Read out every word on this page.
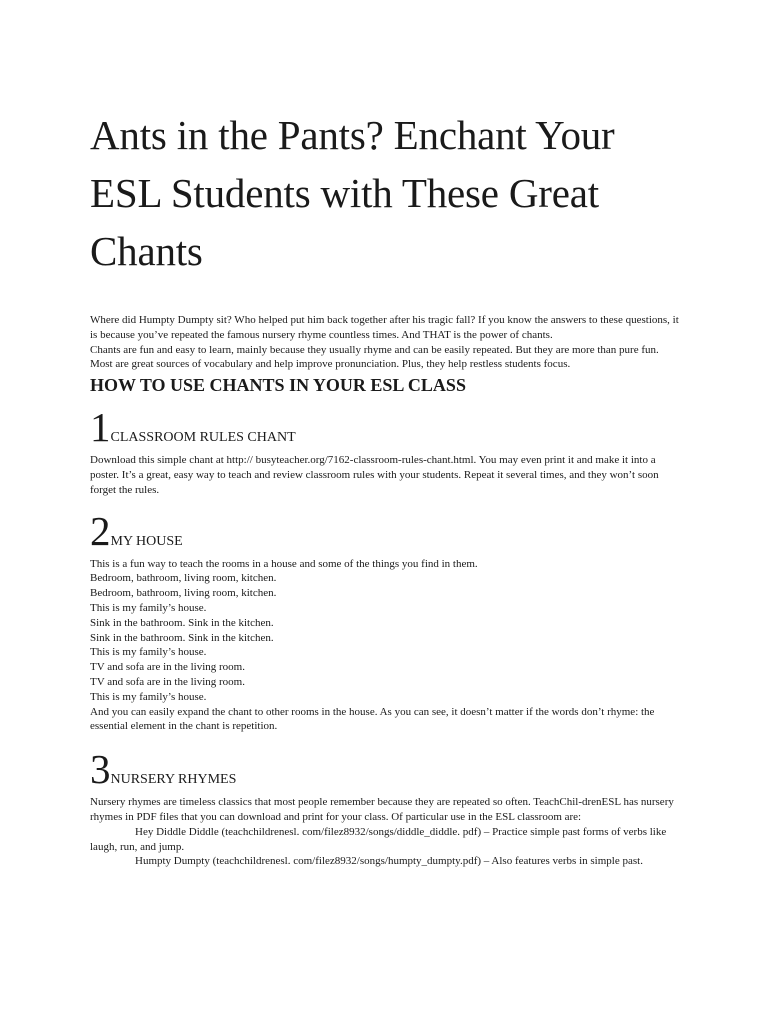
Ants in the Pants? Enchant Your ESL Students with These Great Chants

Where did Humpty Dumpty sit? Who helped put him back together after his tragic fall? If you know the answers to these questions, it is because you’ve repeated the famous nursery rhyme countless times. And THAT is the power of chants.

Chants are fun and easy to learn, mainly because they usually rhyme and can be easily repeated. But they are more than pure fun. Most are great sources of vocabulary and help improve pronunciation. Plus, they help restless students focus.

HOW TO USE CHANTS IN YOUR ESL CLASS
1 CLASSROOM RULES CHANT

Download this simple chant at http:// busyteacher.org/7162-classroom-rules-chant.html. You may even print it and make it into a poster. It’s a great, easy way to teach and review classroom rules with your students. Repeat it several times, and they won’t soon forget the rules.

2 MY HOUSE
This is a fun way to teach the rooms in a house and some of the things you find in them.
Bedroom, bathroom, living room, kitchen.
Bedroom, bathroom, living room, kitchen.
This is my family’s house.
Sink in the bathroom. Sink in the kitchen.
Sink in the bathroom. Sink in the kitchen.
This is my family’s house.
TV and sofa are in the living room.
TV and sofa are in the living room.
This is my family’s house.
And you can easily expand the chant to other rooms in the house. As you can see, it doesn’t matter if the words don’t rhyme: the essential element in the chant is repetition.
3 NURSERY RHYMES

Nursery rhymes are timeless classics that most people remember because they are repeated so often. TeachChil-drenESL has nursery rhymes in PDF files that you can download and print for your class. Of particular use in the ESL classroom are:

Hey Diddle Diddle (teachchildrenesl. com/filez8932/songs/diddle_diddle. pdf) – Practice simple past forms of verbs like laugh, run, and jump.

Humpty Dumpty (teachchildrenesl. com/filez8932/songs/humpty_dumpty.pdf) – Also features verbs in simple past.
